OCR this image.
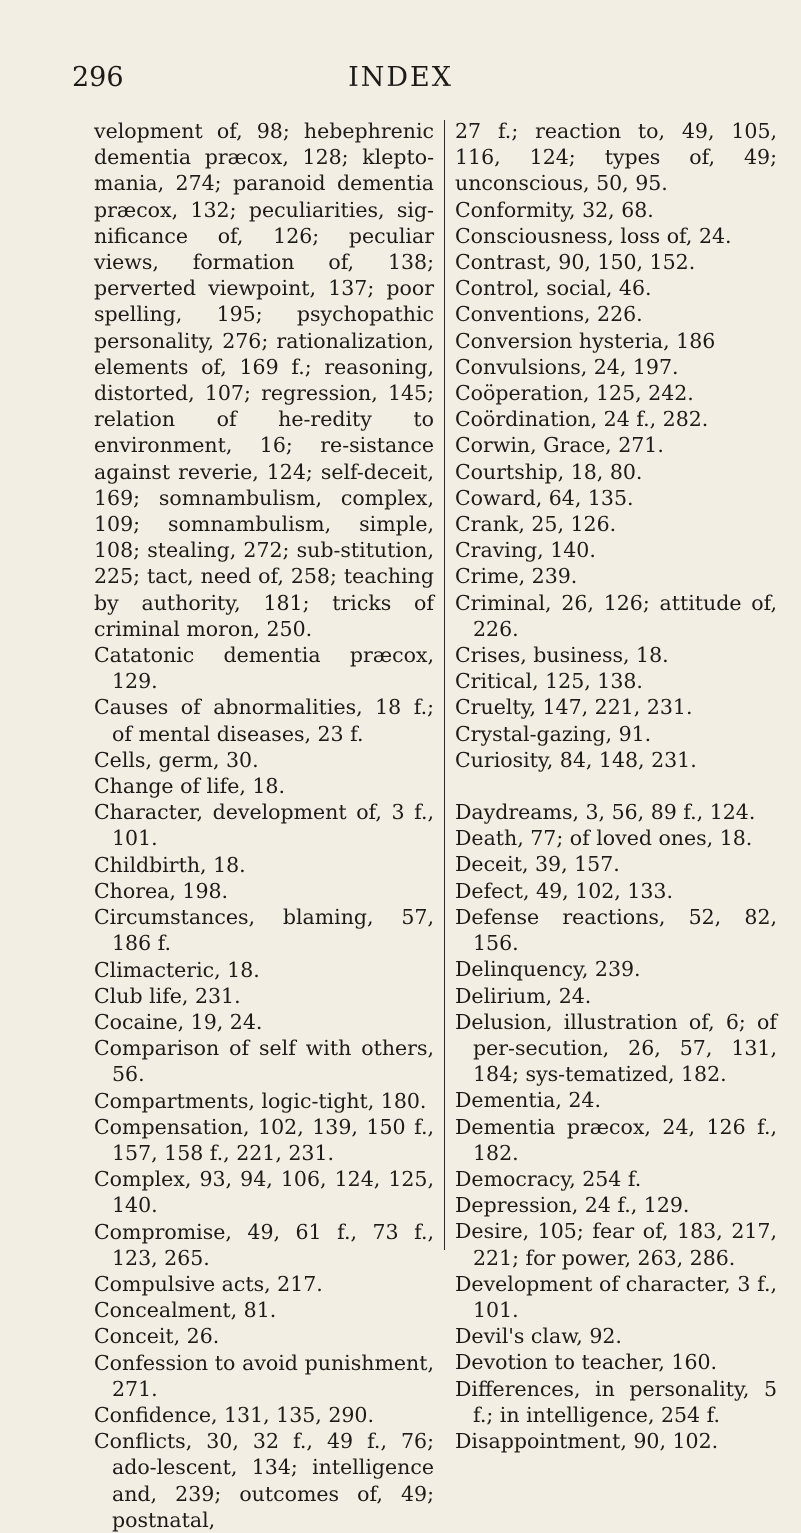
296	INDEX
velopment of, 98; hebephrenic dementia præcox, 128; klepto-mania, 274; paranoid dementia præcox, 132; peculiarities, sig-nificance of, 126; peculiar views, formation of, 138; perverted viewpoint, 137; poor spelling, 195; psychopathic personality, 276; rationalization, elements of, 169 f.; reasoning, distorted, 107; regression, 145; relation of he-redity to environment, 16; re-sistance against reverie, 124; self-deceit, 169; somnambulism, complex, 109; somnambulism, simple, 108; stealing, 272; sub-stitution, 225; tact, need of, 258; teaching by authority, 181; tricks of criminal moron, 250.
Catatonic dementia præcox, 129.
Causes of abnormalities, 18 f.; of mental diseases, 23 f.
Cells, germ, 30.
Change of life, 18.
Character, development of, 3 f., 101.
Childbirth, 18.
Chorea, 198.
Circumstances, blaming, 57, 186 f.
Climacteric, 18.
Club life, 231.
Cocaine, 19, 24.
Comparison of self with others, 56.
Compartments, logic-tight, 180.
Compensation, 102, 139, 150 f., 157, 158 f., 221, 231.
Complex, 93, 94, 106, 124, 125, 140.
Compromise, 49, 61 f., 73 f., 123, 265.
Compulsive acts, 217.
Concealment, 81.
Conceit, 26.
Confession to avoid punishment, 271.
Confidence, 131, 135, 290.
Conflicts, 30, 32 f., 49 f., 76; ado-lescent, 134; intelligence and, 239; outcomes of, 49; postnatal,
27 f.; reaction to, 49, 105, 116, 124; types of, 49; unconscious, 50, 95.
Conformity, 32, 68.
Consciousness, loss of, 24.
Contrast, 90, 150, 152.
Control, social, 46.
Conventions, 226.
Conversion hysteria, 186
Convulsions, 24, 197.
Coöperation, 125, 242.
Coördination, 24 f., 282.
Corwin, Grace, 271.
Courtship, 18, 80.
Coward, 64, 135.
Crank, 25, 126.
Craving, 140.
Crime, 239.
Criminal, 26, 126; attitude of, 226.
Crises, business, 18.
Critical, 125, 138.
Cruelty, 147, 221, 231.
Crystal-gazing, 91.
Curiosity, 84, 148, 231.
Daydreams, 3, 56, 89 f., 124.
Death, 77; of loved ones, 18.
Deceit, 39, 157.
Defect, 49, 102, 133.
Defense reactions, 52, 82, 156.
Delinquency, 239.
Delirium, 24.
Delusion, illustration of, 6; of per-secution, 26, 57, 131, 184; sys-tematized, 182.
Dementia, 24.
Dementia præcox, 24, 126 f., 182.
Democracy, 254 f.
Depression, 24 f., 129.
Desire, 105; fear of, 183, 217, 221; for power, 263, 286.
Development of character, 3 f., 101.
Devil's claw, 92.
Devotion to teacher, 160.
Differences, in personality, 5 f.; in intelligence, 254 f.
Disappointment, 90, 102.
